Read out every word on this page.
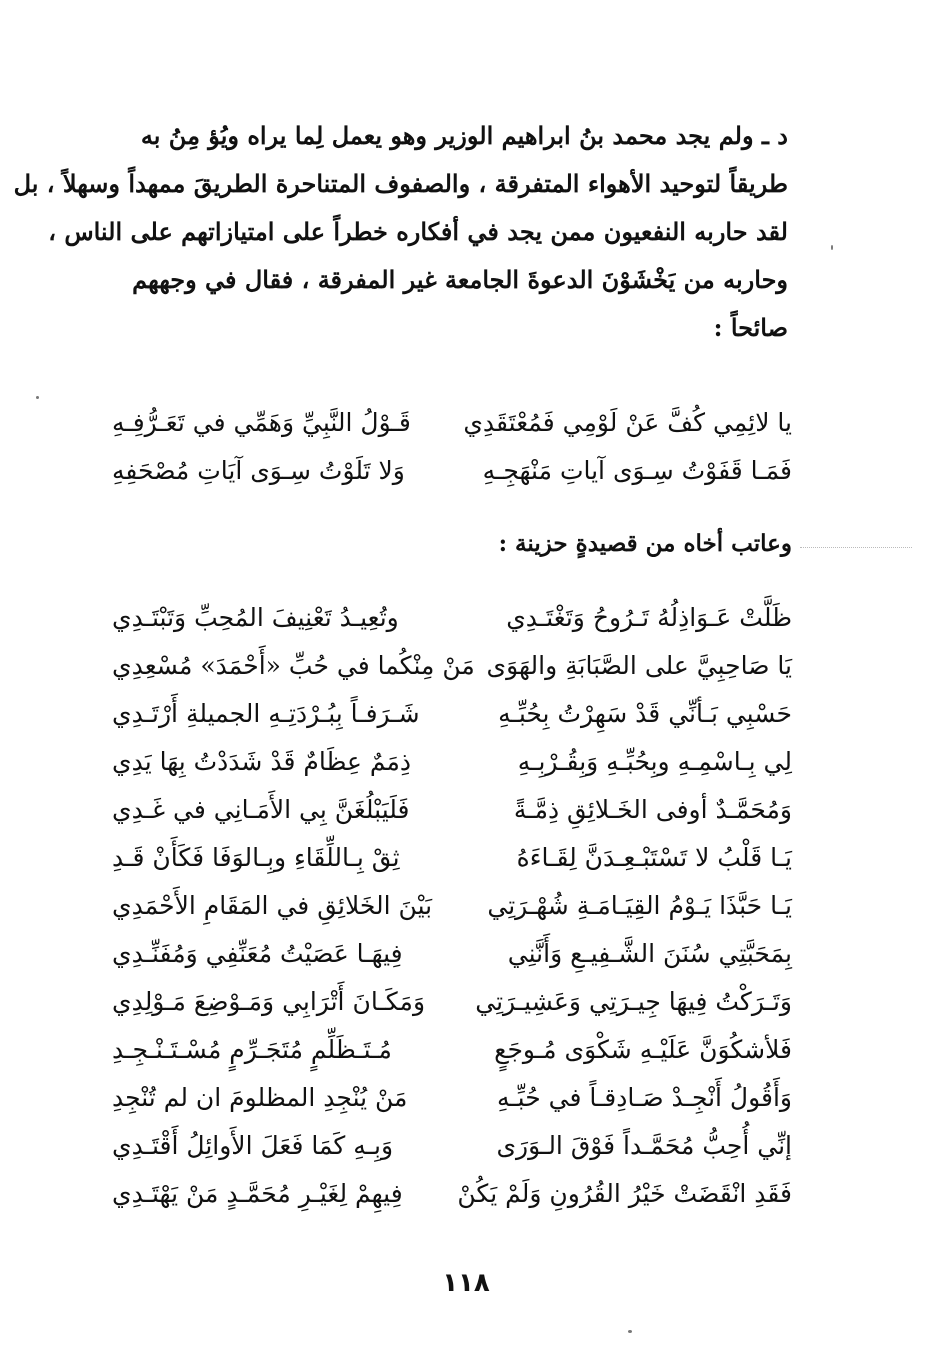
د ـ ولم يجد محمد بنُ ابراهيم الوزير وهو يعمل لِما يراه ويُؤ مِنُ به

طريقاً لتوحيد الأهواء المتفرقة ، والصفوف المتناحرة الطريقَ ممهداً وسهلاً ، بل

لقد حاربه النفعيون ممن يجد في أفكاره خطراً على امتيازاتهم على الناس ،

وحاربه من يَخْشَوْنَ الدعوةَ الجامعة غير المفرقة ، فقال في وجههم

صائحاً :

يا لائِمِي كُفَّ عَنْ لَوْمِي فَمُعْتَقَدِي
قَـوْلُ النَّبِيِّ وَهَمِّي في تَعَـرُّفِـهِ
فَمَـا قَفَوْتُ سِـوَى آياتِ مَنْهَجِـهِ
وَلا تَلَوْتُ سِـوَى آيَاتِ مُصْحَفِهِ
وعاتب أخاه من قصيدةٍ حزينة :
ظَلَّتْ عَـوَاذِلُهُ تَـرُوحُ وَتَغْتَـدِي
وتُعِيـدُ تَعْنِيفَ المُحِبِّ وَتَبْتَـدِي
يَا صَاحِبِيَّ على الصَّبَابَةِ والهَوَى
مَنْ مِنْكُما في حُبِّ «أَحْمَدَ» مُسْعِدِي
حَسْبِي بَـأنِّي قَدْ سَهِرْتُ بِحُبِّـهِ
شَـرَفـاً بِبُـرْدَتِـهِ الجميلةِ أَرْتَـدِي
لِي بِـاسْمِـهِ وبِحُبِّـهِ وَبِقُـرْبِـهِ
ذِمَمٌ عِظَامٌ قَدْ شَدَدْتُ بِهَا يَدِي
وَمُحَمَّـدٌ أوفى الخَـلائِقِ ذِمَّـةً
فَلَيَبْلُغَنَّ بِي الأَمَـانِي في غَـدِي
يَـا قَلْبُ لا تَسْتَبْـعِـدَنَّ لِقَـاءَهُ
ثِقْ بِـاللِّقَاءِ وبِـالوَفَا فَكَأَنْ قَـدِ
يَـا حَبَّذَا يَـوْمُ القِيَـامَـةِ شُهْـرَتِي
بَيْنَ الخَلائِقِ في المَقَامِ الأَحْمَدِي
بِمَحَبَّتِي سُنَنَ الشَّـفِيـعِ وَأَنَّنِي
فِيهَـا عَصَيْتُ مُعَنِّفِي وَمُفَنِّـدِي
وَتَـرَكْتُ فِيهَا جِيـرَتِي وَعَشِيـرَتِي
وَمَكَـانَ أَتْرَابِي وَمَـوْضِعَ مَـوْلِدِي
فَلأشكُوَنَّ عَلَيْـهِ شَكْوَى مُـوجَعٍ
مُـتَـظَلِّمٍ مُتَجَـرِّمٍ مُسْـتَـنْـجِـدِ
وَأَقُولُ أَنْجِـدْ صَـادِقـاً في حُبِّـهِ
مَنْ يُنْجِدِ المظلومَ ان لم تُنْجِدِ
إنِّي أُحِبُّ مُحَمَّـداً فَوْقَ الـوَرَى
وَبِـهِ كَمَا فَعَلَ الأَوائِلُ أَقْتَـدِي
فَقَدِ انْقَضَتْ خَيْرُ القُرُونِ وَلَمْ يَكُنْ
فِيهِمْ لِغَيْـرِ مُحَمَّـدٍ مَنْ يَهْتَـدِي
١١٨
